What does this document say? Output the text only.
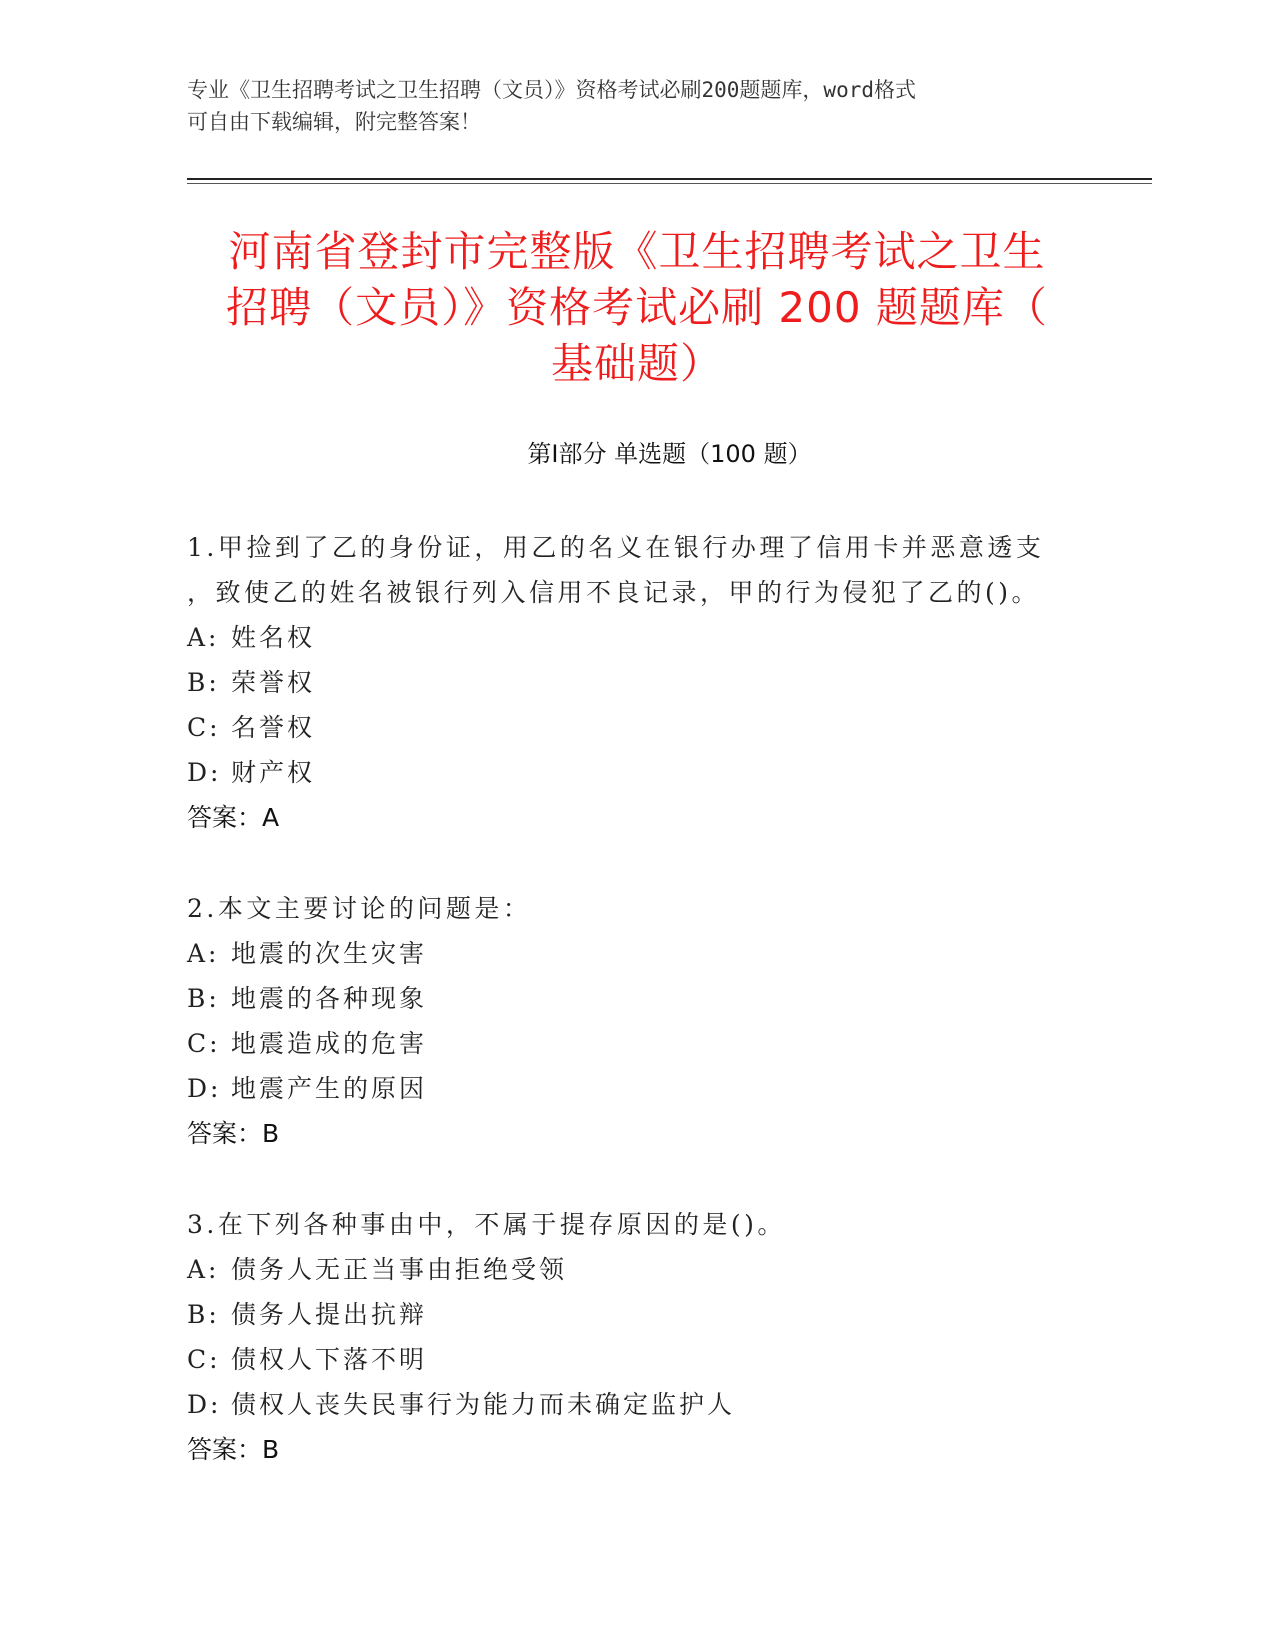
专业《卫生招聘考试之卫生招聘（文员）》资格考试必刷200题题库，word格式
可自由下载编辑，附完整答案！
河南省登封市完整版《卫生招聘考试之卫生
招聘（文员）》资格考试必刷 200 题题库（
基础题）
第Ⅰ部分 单选题（100 题）
1.甲捡到了乙的身份证，用乙的名义在银行办理了信用卡并恶意透支
，致使乙的姓名被银行列入信用不良记录，甲的行为侵犯了乙的()。
A: 姓名权
B: 荣誉权
C: 名誉权
D: 财产权
答案：A
2.本文主要讨论的问题是：
A: 地震的次生灾害
B: 地震的各种现象
C: 地震造成的危害
D: 地震产生的原因
答案：B
3.在下列各种事由中，不属于提存原因的是()。
A: 债务人无正当事由拒绝受领
B: 债务人提出抗辩
C: 债权人下落不明
D: 债权人丧失民事行为能力而未确定监护人
答案：B
